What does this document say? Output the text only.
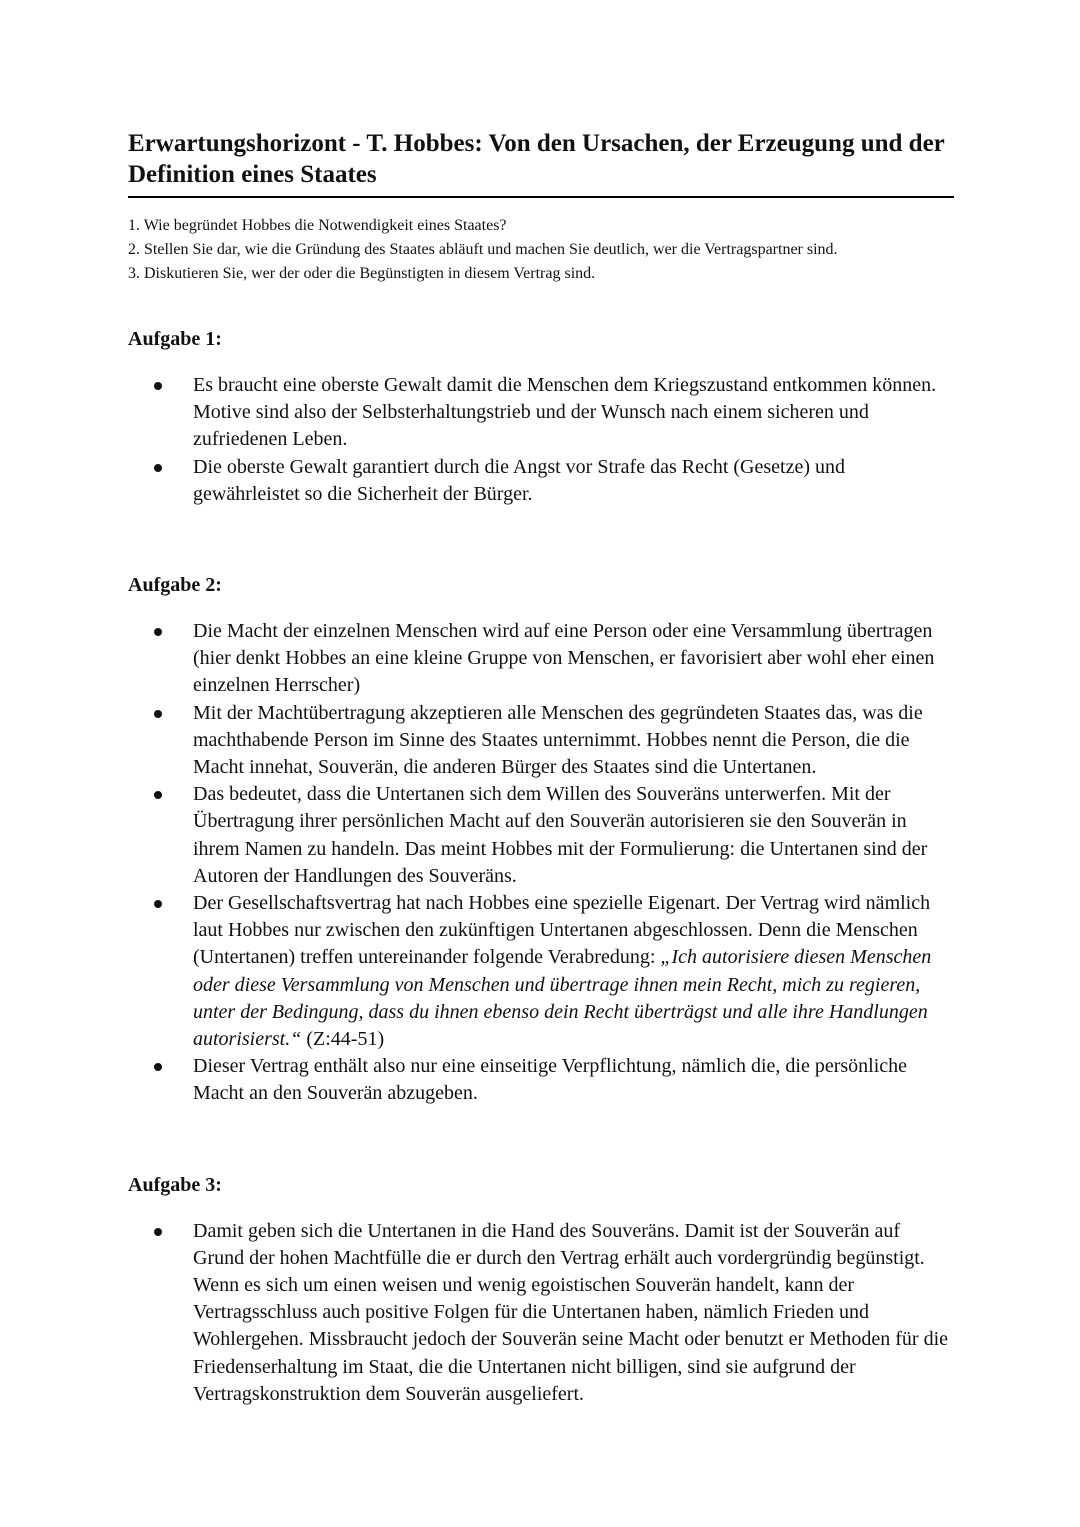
Erwartungshorizont - T. Hobbes: Von den Ursachen, der Erzeugung und der Definition eines Staates
1. Wie begründet Hobbes die Notwendigkeit eines Staates?
2. Stellen Sie dar, wie die Gründung des Staates abläuft und machen Sie deutlich, wer die Vertragspartner sind.
3. Diskutieren Sie, wer der oder die Begünstigten in diesem Vertrag sind.
Aufgabe 1:
Es braucht eine oberste Gewalt damit die Menschen dem Kriegszustand entkommen können. Motive sind also der Selbsterhaltungstrieb und der Wunsch nach einem sicheren und zufriedenen Leben.
Die oberste Gewalt garantiert durch die Angst vor Strafe das Recht (Gesetze) und gewährleistet so die Sicherheit der Bürger.
Aufgabe 2:
Die Macht der einzelnen Menschen wird auf eine Person oder eine Versammlung übertragen (hier denkt Hobbes an eine kleine Gruppe von Menschen, er favorisiert aber wohl eher einen einzelnen Herrscher)
Mit der Machtübertragung akzeptieren alle Menschen des gegründeten Staates das, was die machthabende Person im Sinne des Staates unternimmt. Hobbes nennt die Person, die die Macht innehat, Souverän, die anderen Bürger des Staates sind die Untertanen.
Das bedeutet, dass die Untertanen sich dem Willen des Souveräns unterwerfen. Mit der Übertragung ihrer persönlichen Macht auf den Souverän autorisieren sie den Souverän in ihrem Namen zu handeln. Das meint Hobbes mit der Formulierung: die Untertanen sind der Autoren der Handlungen des Souveräns.
Der Gesellschaftsvertrag hat nach Hobbes eine spezielle Eigenart. Der Vertrag wird nämlich laut Hobbes nur zwischen den zukünftigen Untertanen abgeschlossen. Denn die Menschen (Untertanen) treffen untereinander folgende Verabredung: „Ich autorisiere diesen Menschen oder diese Versammlung von Menschen und übertrage ihnen mein Recht, mich zu regieren, unter der Bedingung, dass du ihnen ebenso dein Recht überträgst und alle ihre Handlungen autorisierst.“ (Z:44-51)
Dieser Vertrag enthält also nur eine einseitige Verpflichtung, nämlich die, die persönliche Macht an den Souverän abzugeben.
Aufgabe 3:
Damit geben sich die Untertanen in die Hand des Souveräns. Damit ist der Souverän auf Grund der hohen Machtfülle die er durch den Vertrag erhält auch vordergründig begünstigt. Wenn es sich um einen weisen und wenig egoistischen Souverän handelt, kann der Vertragsschluss auch positive Folgen für die Untertanen haben, nämlich Frieden und Wohlergehen. Missbraucht jedoch der Souverän seine Macht oder benutzt er Methoden für die Friedenserhaltung im Staat, die die Untertanen nicht billigen, sind sie aufgrund der Vertragskonstruktion dem Souverän ausgeliefert.
